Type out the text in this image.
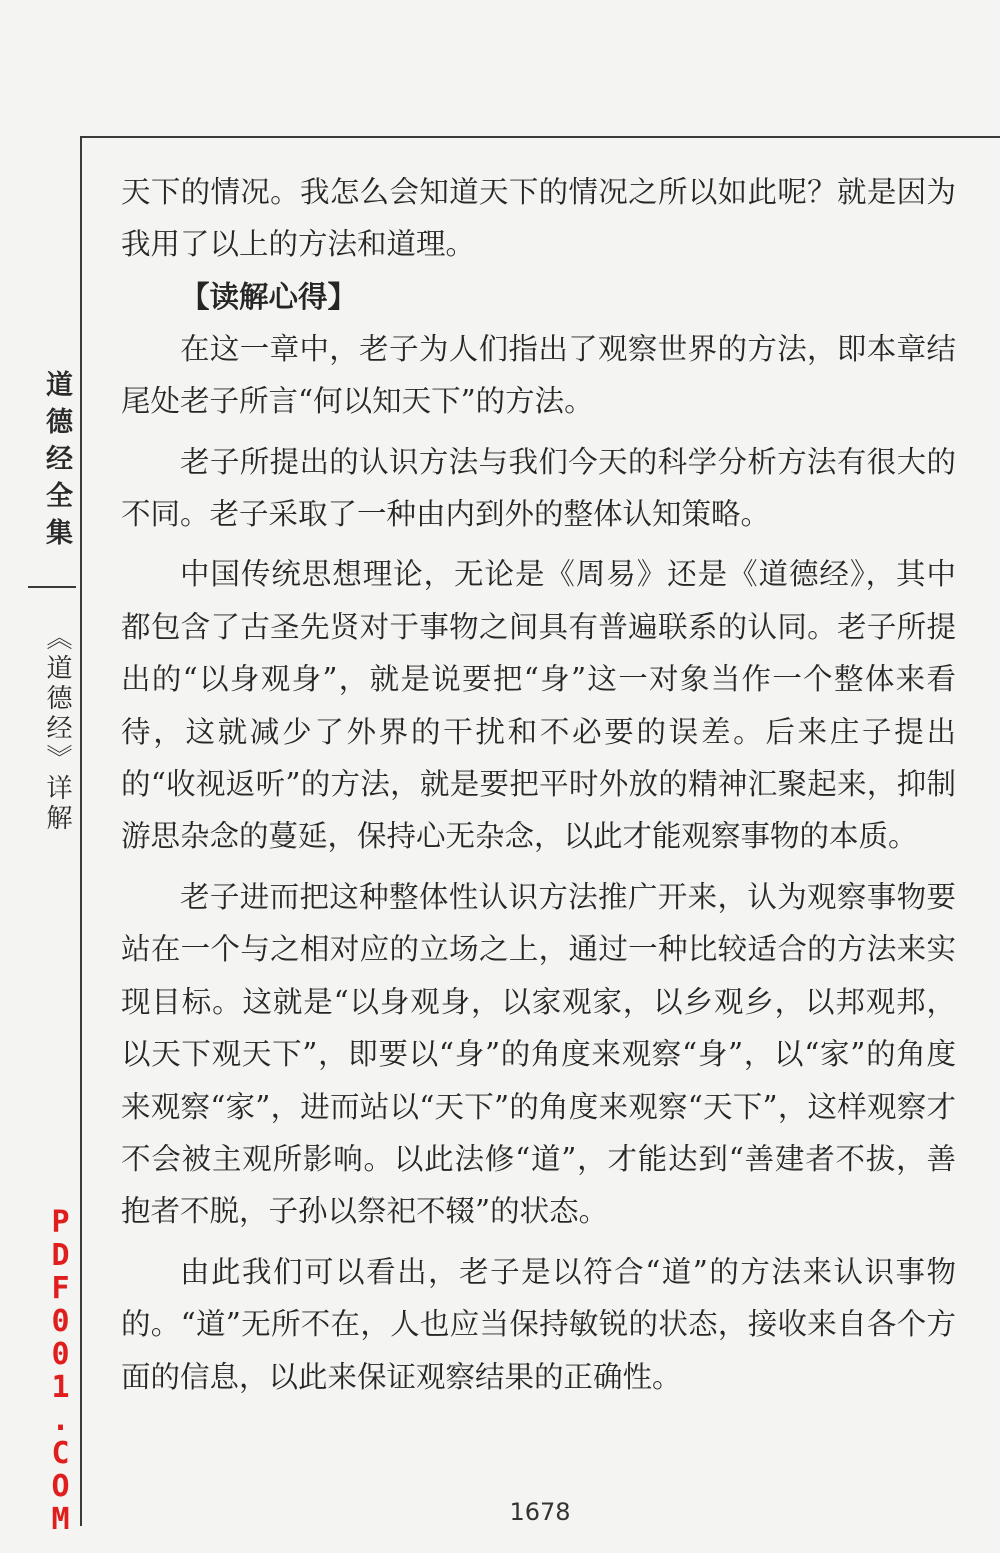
道德经全集
《道德经》详解
PDF001.COM

天下的情况。我怎么会知道天下的情况之所以如此呢？就是因为我用了以上的方法和道理。

【读解心得】

在这一章中，老子为人们指出了观察世界的方法，即本章结尾处老子所言“何以知天下”的方法。

老子所提出的认识方法与我们今天的科学分析方法有很大的不同。老子采取了一种由内到外的整体认知策略。

中国传统思想理论，无论是《周易》还是《道德经》，其中都包含了古圣先贤对于事物之间具有普遍联系的认同。老子所提出的“以身观身”，就是说要把“身”这一对象当作一个整体来看待，这就减少了外界的干扰和不必要的误差。后来庄子提出的“收视返听”的方法，就是要把平时外放的精神汇聚起来，抑制游思杂念的蔓延，保持心无杂念，以此才能观察事物的本质。

老子进而把这种整体性认识方法推广开来，认为观察事物要站在一个与之相对应的立场之上，通过一种比较适合的方法来实现目标。这就是“以身观身，以家观家，以乡观乡，以邦观邦，以天下观天下”，即要以“身”的角度来观察“身”，以“家”的角度来观察“家”，进而站以“天下”的角度来观察“天下”，这样观察才不会被主观所影响。以此法修“道”，才能达到“善建者不拔，善抱者不脱，子孙以祭祀不辍”的状态。

由此我们可以看出，老子是以符合“道”的方法来认识事物的。“道”无所不在，人也应当保持敏锐的状态，接收来自各个方面的信息，以此来保证观察结果的正确性。

1678
